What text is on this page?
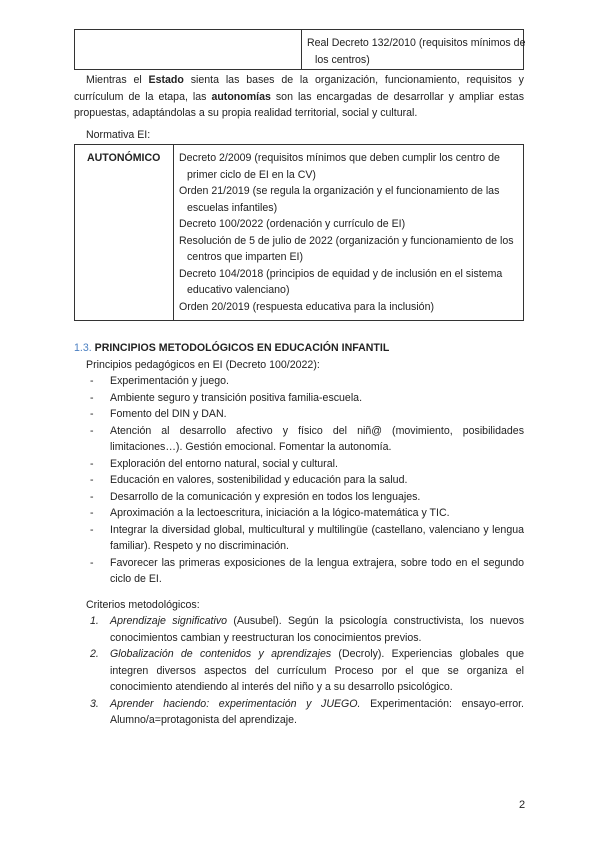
Real Decreto 132/2010 (requisitos mínimos de los centros)
Mientras el Estado sienta las bases de la organización, funcionamiento, requisitos y currículum de la etapa, las autonomías son las encargadas de desarrollar y ampliar estas propuestas, adaptándolas a su propia realidad territorial, social y cultural.
Normativa EI:
AUTONÓMICO Decreto 2/2009 (requisitos mínimos que deben cumplir los centro de primer ciclo de EI en la CV)
Orden 21/2019 (se regula la organización y el funcionamiento de las escuelas infantiles)
Decreto 100/2022 (ordenación y currículo de EI)
Resolución de 5 de julio de 2022 (organización y funcionamiento de los centros que imparten EI)
Decreto 104/2018 (principios de equidad y de inclusión en el sistema educativo valenciano)
Orden 20/2019 (respuesta educativa para la inclusión)
1.3. PRINCIPIOS METODOLÓGICOS EN EDUCACIÓN INFANTIL
Principios pedagógicos en EI (Decreto 100/2022):
- Experimentación y juego.
- Ambiente seguro y transición positiva familia-escuela.
- Fomento del DIN y DAN.
- Atención al desarrollo afectivo y físico del niñ@ (movimiento, posibilidades limitaciones…). Gestión emocional. Fomentar la autonomía.
- Exploración del entorno natural, social y cultural.
- Educación en valores, sostenibilidad y educación para la salud.
- Desarrollo de la comunicación y expresión en todos los lenguajes.
- Aproximación a la lectoescritura, iniciación a la lógico-matemática y TIC.
- Integrar la diversidad global, multicultural y multilingüe (castellano, valenciano y lengua familiar). Respeto y no discriminación.
- Favorecer las primeras exposiciones de la lengua extrajera, sobre todo en el segundo ciclo de EI.
Criterios metodológicos:
1. Aprendizaje significativo (Ausubel). Según la psicología constructivista, los nuevos conocimientos cambian y reestructuran los conocimientos previos.
2. Globalización de contenidos y aprendizajes (Decroly). Experiencias globales que integren diversos aspectos del currículum Proceso por el que se organiza el conocimiento atendiendo al interés del niño y a su desarrollo psicológico.
3. Aprender haciendo: experimentación y JUEGO. Experimentación: ensayo-error. Alumno/a=protagonista del aprendizaje.
2
